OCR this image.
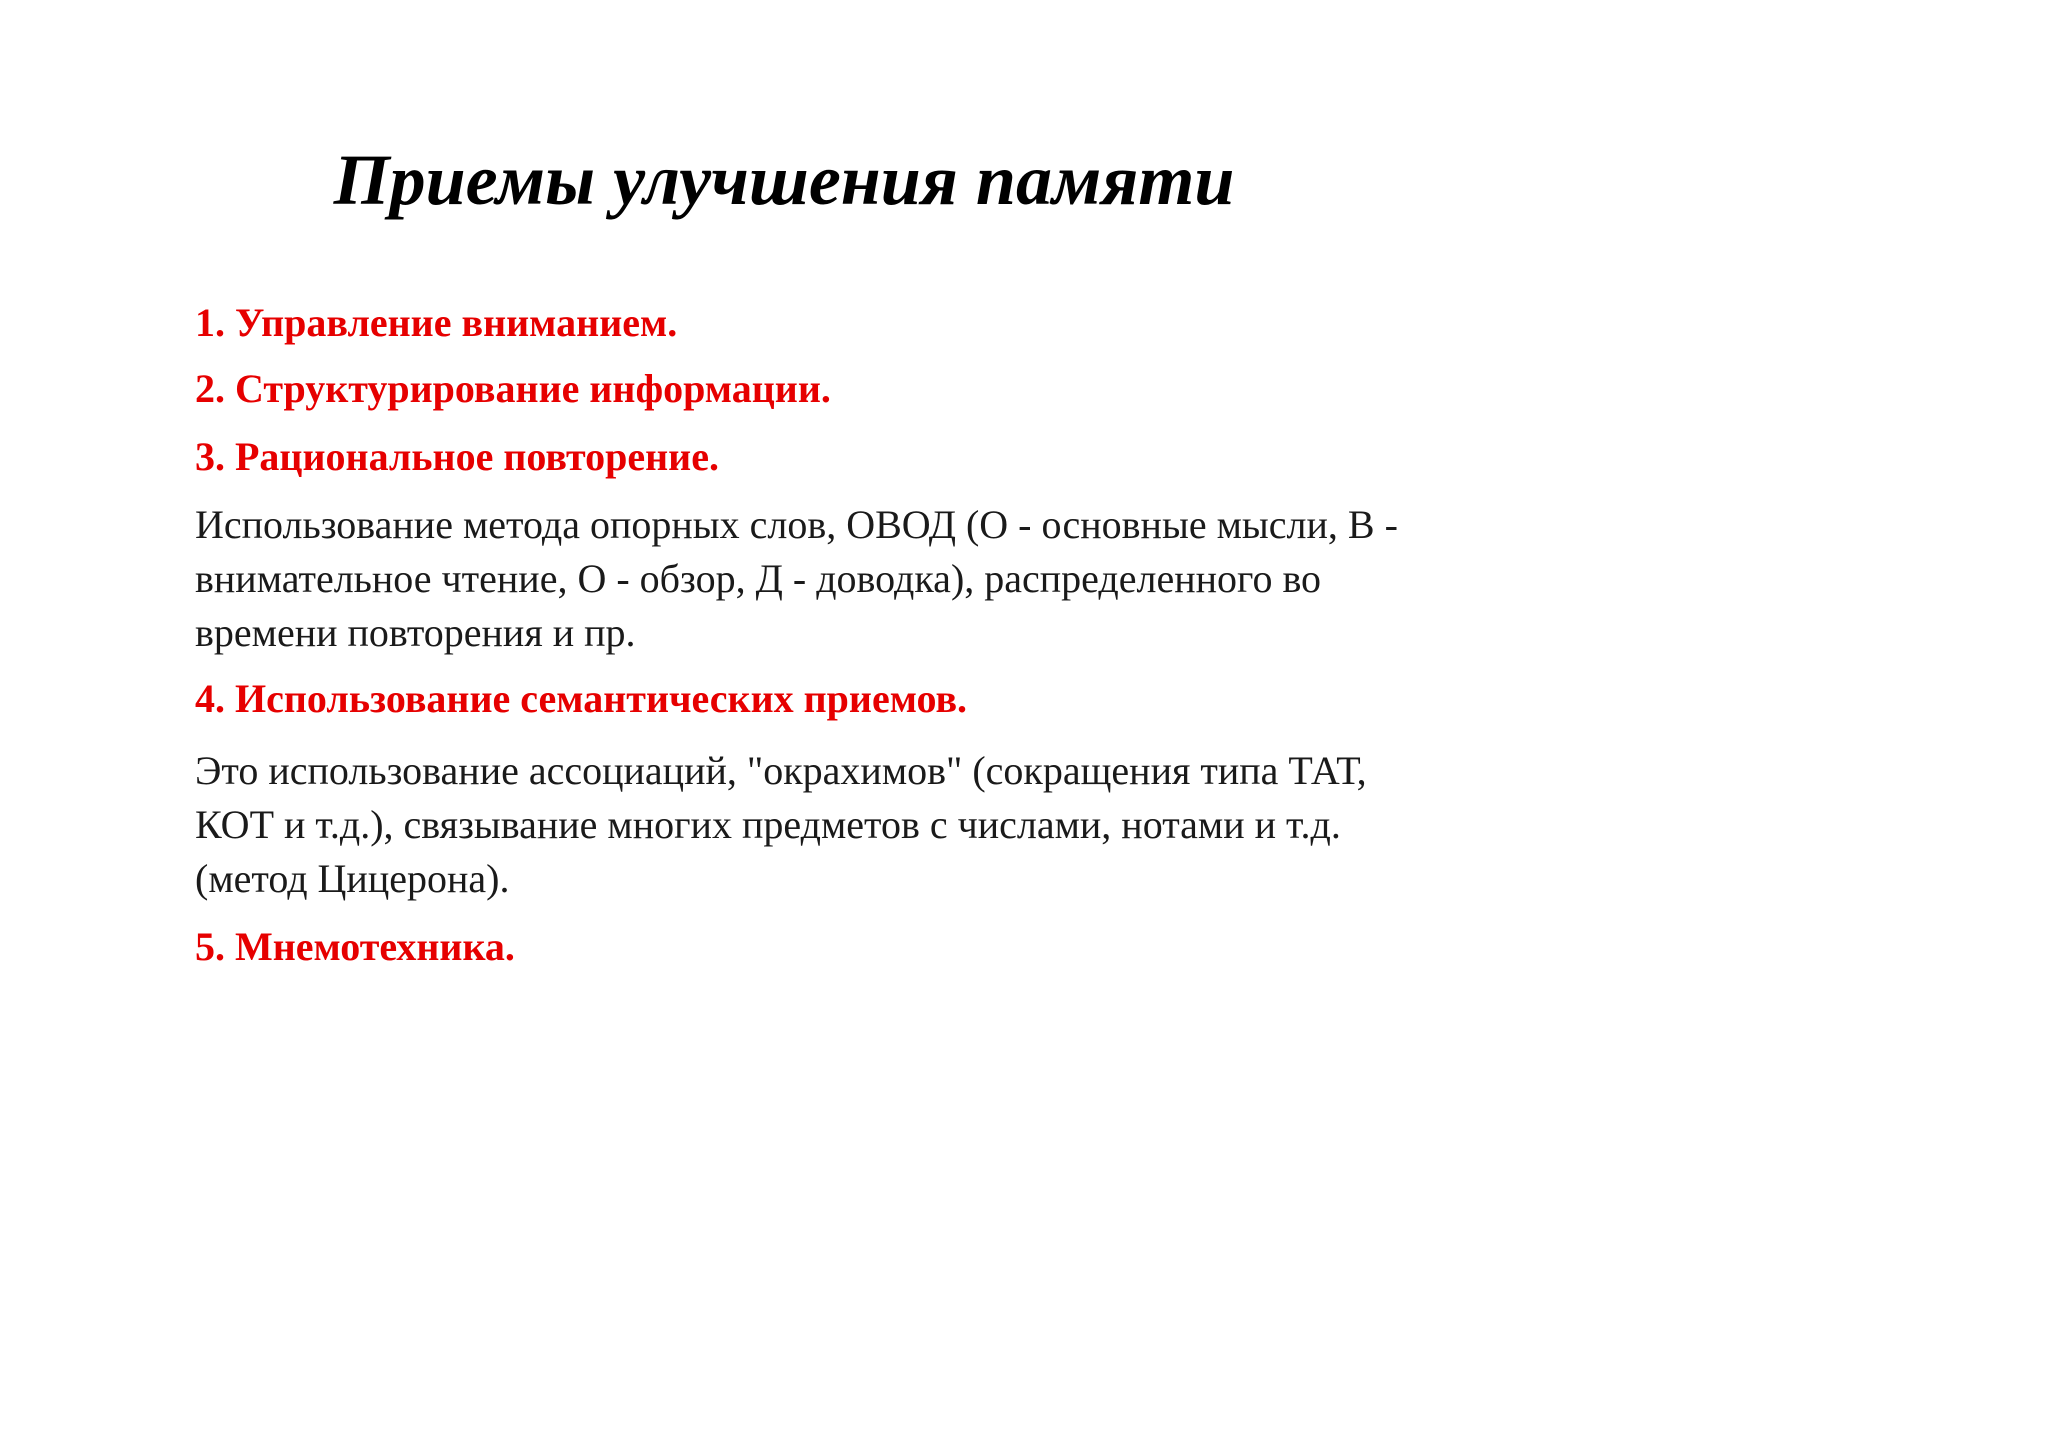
Приемы улучшения памяти

1. Управление вниманием.

2. Структурирование информации.

3. Рациональное повторение.

Использование метода опорных слов, ОВОД (О - основные мысли, В - внимательное чтение, О - обзор, Д - доводка), распределенного во времени повторения и пр.

4. Использование семантических приемов.

Это использование ассоциаций, "окрахимов" (сокращения типа ТАТ, КОТ и т.д.), связывание многих предметов с числами, нотами и т.д. (метод Цицерона).

5. Мнемотехника.
